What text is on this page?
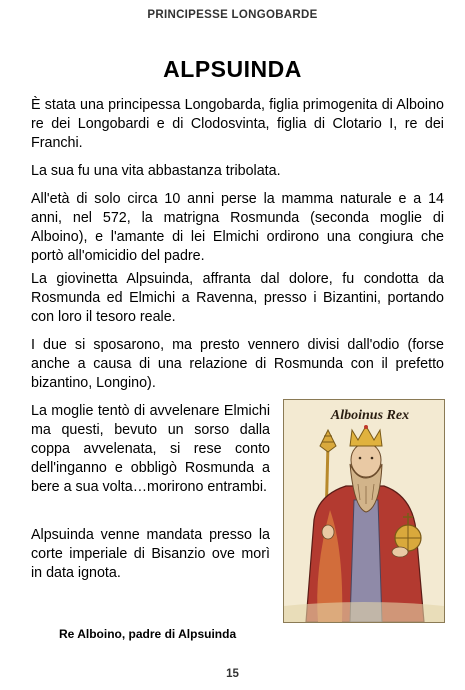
PRINCIPESSE LONGOBARDE
ALPSUINDA

È stata una principessa Longobarda, figlia primogenita di Alboino re dei Longobardi e di Clodosvinta, figlia di Clotario I, re dei Franchi.

La sua fu una vita abbastanza tribolata.

All'età di solo circa 10 anni perse la mamma naturale e a 14 anni, nel 572, la matrigna Rosmunda (seconda moglie di Alboino), e l'amante di lei Elmichi ordirono una congiura che portò all'omicidio del padre.

La giovinetta Alpsuinda, affranta dal dolore, fu condotta da Rosmunda ed Elmichi a Ravenna, presso i Bizantini, portando con loro il tesoro reale.

I due si sposarono, ma presto vennero divisi dall'odio (forse anche a causa di una relazione di Rosmunda con il prefetto bizantino, Longino).

La moglie tentò di avvelenare Elmichi ma questi, bevuto un sorso dalla coppa avvelenata, si rese conto dell'inganno e obbligò Rosmunda a bere a sua volta…morirono entrambi.

Alpsuinda venne mandata presso la corte imperiale di Bisanzio ove morì in data ignota.

Alboinus Rex
Re Alboino, padre di Alpsuinda
15
